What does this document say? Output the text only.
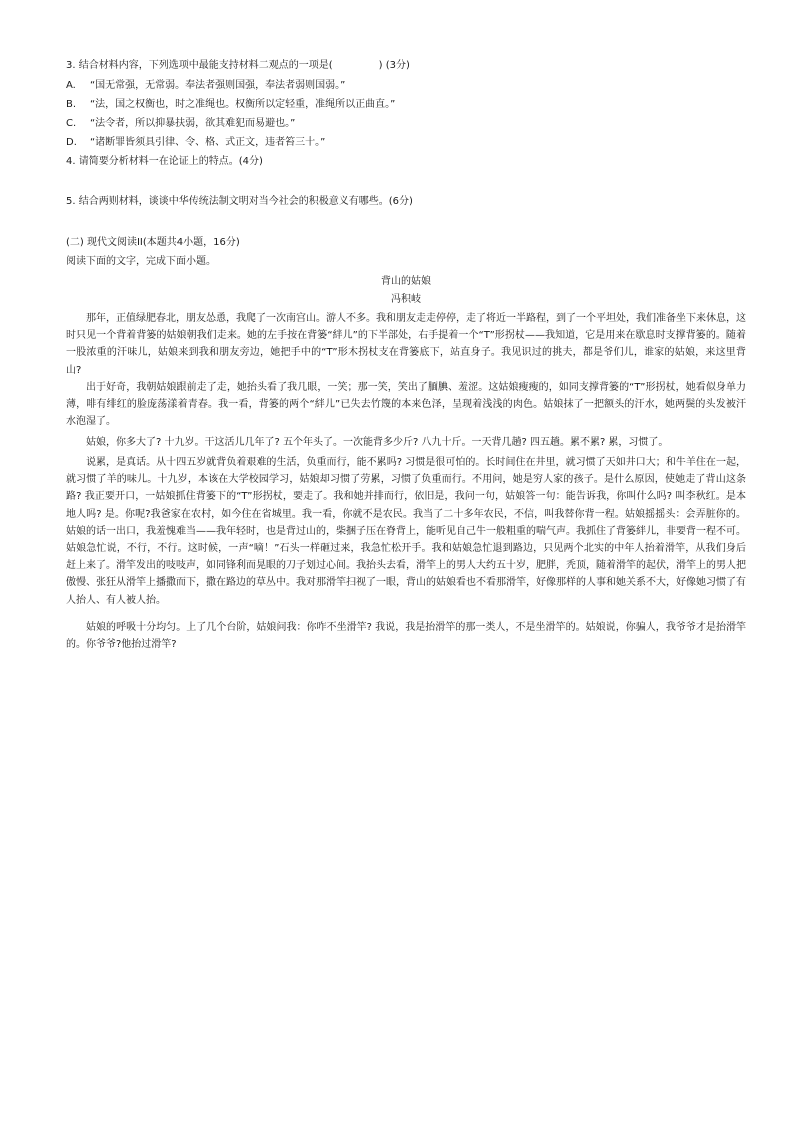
3. 结合材料内容，下列选项中最能支持材料二观点的一项是(	) (3分)
A. “国无常强，无常弱。奉法者强则国强，奉法者弱则国弱。”
B. “法，国之权衡也，时之准绳也。权衡所以定轻重，准绳所以正曲直。”
C. “法令者，所以抑暴扶弱，欲其难犯而易避也。”
D. “诸断罪皆须具引律、令、格、式正文，违者笞三十。”
4. 请简要分析材料一在论证上的特点。(4分)
5. 结合两则材料，谈谈中华传统法制文明对当今社会的积极意义有哪些。(6分)
(二) 现代文阅读II(本题共4小题，16分)
阅读下面的文字，完成下面小题。
背山的姑娘
冯积岐

那年，正值绿肥春北，朋友怂恿，我爬了一次南宫山。游人不多。我和朋友走走停停，走了将近一半路程，到了一个平坦处，我们准备坐下来休息，这时只见一个背着背篓的姑娘朝我们走来。她的左手按在背篓“絆儿”的下半部处，右手提着一个“T”形拐杖——我知道，它是用来在歇息时支撑背篓的。随着一股浓重的汗味儿，姑娘来到我和朋友旁边，她把手中的“T”形木拐杖支在背篓底下，站直身子。我见识过的挑夫，都是爷们儿，谁家的姑娘，来这里背山?

出于好奇，我朝姑娘跟前走了走，她抬头看了我几眼，一笑；那一笑，笑出了腼腆、羞涩。这姑娘瘦瘦的，如同支撑背篓的“T”形拐杖，她看似身单力薄，啡有绯红的脸庞荡漾着青春。我一看，背篓的两个“絆儿”已失去竹篾的本来色泽，呈现着浅浅的肉色。姑娘抹了一把额头的汗水，她两鬓的头发被汗水泡湿了。

姑娘，你多大了? 十九岁。干这活儿几年了? 五个年头了。一次能背多少斤? 八九十斤。一天背几趟? 四五趟。累不累? 累，习惯了。

说累，是真话。从十四五岁就背负着艰难的生活，负重而行，能不累吗? 习惯是很可怕的。长时间住在井里，就习惯了天如井口大；和牛羊住在一起，就习惯了羊的味儿。十九岁，本该在大学校园学习，姑娘却习惯了劳累，习惯了负重而行。不用问，她是穷人家的孩子。是什么原因，使她走了背山这条路? 我正要开口，一姑娘抓住背篓下的“T”形拐杖，要走了。我和她并排而行，依旧是，我问一句，姑娘答一句：能告诉我，你叫什么吗? 叫李秋红。是本地人吗? 是。你呢?我爸家在农村，如今住在省城里。我一看，你就不是农民。我当了二十多年农民，不信，叫我替你背一程。姑娘摇摇头：会弄脏你的。姑娘的话一出口，我羞愧难当——我年轻时，也是背过山的，柴捆子压在脊背上，能听见自己牛一般粗重的喘气声。我抓住了背篓絆儿，非要背一程不可。姑娘急忙说，不行，不行。这时候，一声“嘀！”石头一样砸过来，我急忙松开手。我和姑娘急忙退到路边，只见两个北实的中年人抬着滑竿，从我们身后赶上来了。滑竿发出的吱吱声，如同锋利而晃眼的刀子划过心间。我抬头去看，滑竿上的男人大约五十岁，肥胖，秃顶，随着滑竿的起伏，滑竿上的男人把傲慢、张狂从滑竿上播撒而下，撒在路边的草丛中。我对那滑竿扫视了一眼，背山的姑娘看也不看那滑竿，好像那样的人事和她关系不大，好像她习惯了有人抬人、有人被人抬。

姑娘的呼吸十分均匀。上了几个台阶，姑娘问我：你咋不坐滑竿? 我说，我是抬滑竿的那一类人，不是坐滑竿的。姑娘说，你骗人，我爷爷才是抬滑竿的。你爷爷?他抬过滑竿?
